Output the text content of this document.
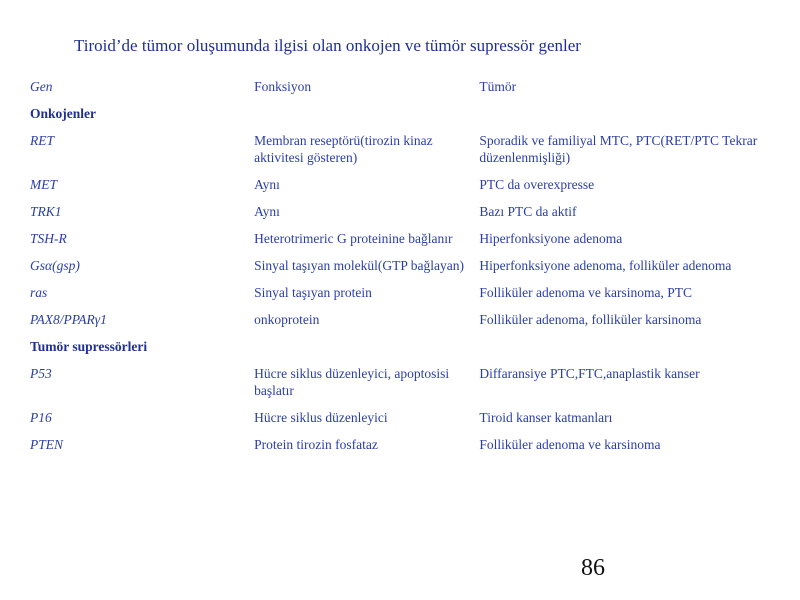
Tiroid’de tümor oluşumunda ilgisi olan onkojen ve tümör supressör genler
Gen	Fonksiyon	Tümör
Onkojenler		
RET	Membran reseptörü(tirozin kinaz aktivitesi gösteren)	Sporadik ve familiyal MTC, PTC(RET/PTC Tekrar düzenlenmişliği)
MET	Aynı	PTC da overexpresse
TRK1	Aynı	Bazı PTC da aktif
TSH-R	Heterotrimeric G proteinine bağlanır	Hiperfonksiyone adenoma
Gsα(gsp)	Sinyal taşıyan molekül(GTP bağlayan)	Hiperfonksiyone adenoma, folliküler adenoma
ras	Sinyal taşıyan protein	Folliküler adenoma ve karsinoma, PTC
PAX8/PPARγ1	onkoprotein	Folliküler adenoma, folliküler karsinoma
Tumör supressörleri		
P53	Hücre siklus düzenleyici, apoptosisi başlatır	Diffaransiye PTC,FTC,anaplastik kanser
P16	Hücre siklus düzenleyici	Tiroid kanser katmanları
PTEN	Protein tirozin fosfataz	Folliküler adenoma ve karsinoma
86
